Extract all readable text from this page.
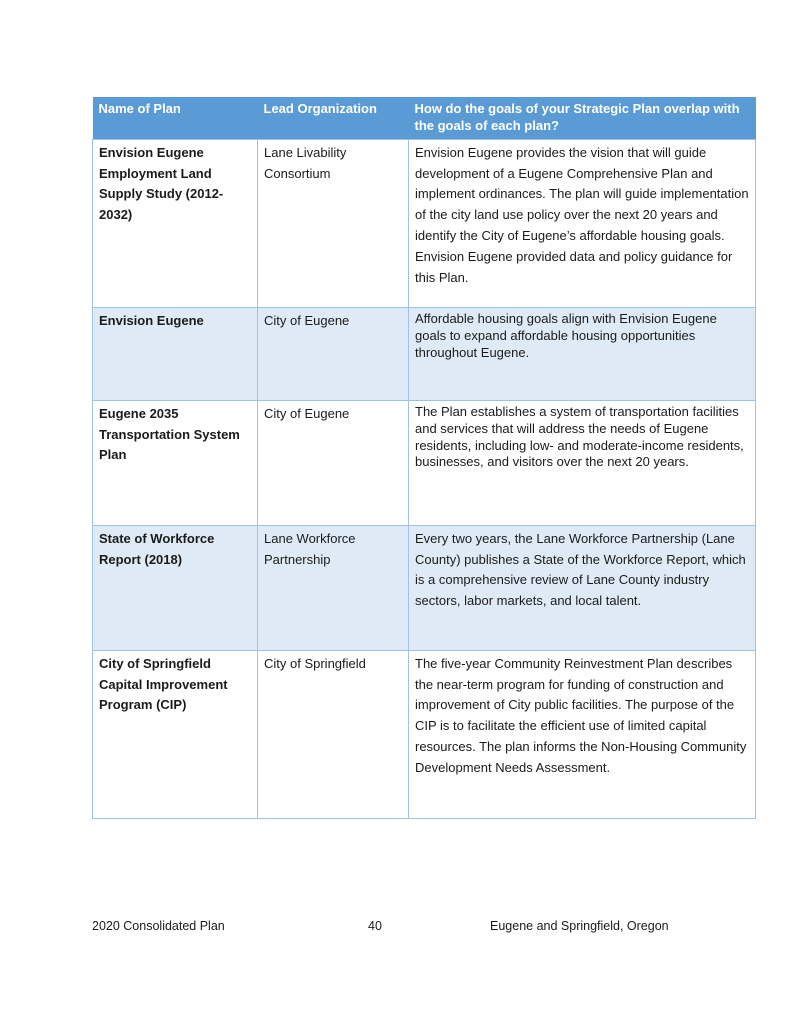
Name of Plan	Lead Organization	How do the goals of your Strategic Plan overlap with the goals of each plan?
Envision Eugene Employment Land Supply Study (2012-2032)	Lane Livability Consortium	Envision Eugene provides the vision that will guide development of a Eugene Comprehensive Plan and implement ordinances. The plan will guide implementation of the city land use policy over the next 20 years and identify the City of Eugene’s affordable housing goals. Envision Eugene provided data and policy guidance for this Plan.
Envision Eugene	City of Eugene	Affordable housing goals align with Envision Eugene goals to expand affordable housing opportunities throughout Eugene.
Eugene 2035 Transportation System Plan	City of Eugene	The Plan establishes a system of transportation facilities and services that will address the needs of Eugene residents, including low- and moderate-income residents, businesses, and visitors over the next 20 years.
State of Workforce Report (2018)	Lane Workforce Partnership	Every two years, the Lane Workforce Partnership (Lane County) publishes a State of the Workforce Report, which is a comprehensive review of Lane County industry sectors, labor markets, and local talent.
City of Springfield Capital Improvement Program (CIP)	City of Springfield	The five-year Community Reinvestment Plan describes the near-term program for funding of construction and improvement of City public facilities. The purpose of the CIP is to facilitate the efficient use of limited capital resources. The plan informs the Non-Housing Community Development Needs Assessment.
2020 Consolidated Plan	40	Eugene and Springfield, Oregon
